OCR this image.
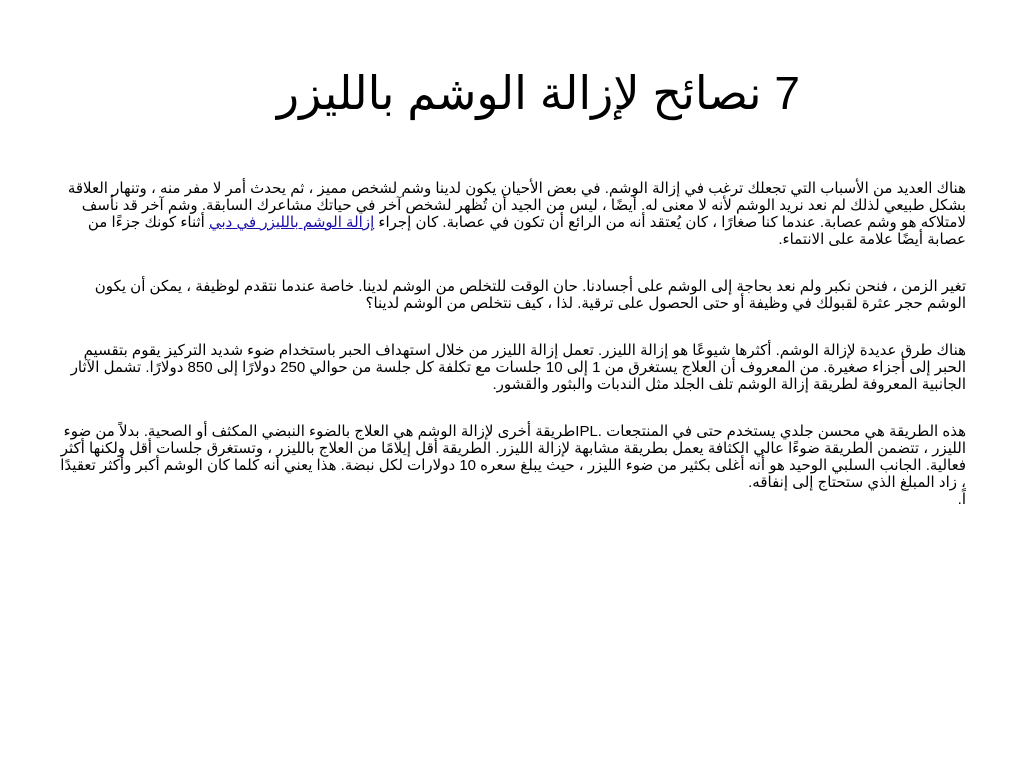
7 نصائح لإزالة الوشم بالليزر

هناك العديد من الأسباب التي تجعلك ترغب في إزالة الوشم. في بعض الأحيان يكون لدينا وشم لشخص مميز ، ثم يحدث أمر لا مفر منه ، وتنهار العلاقة بشكل طبيعي لذلك لم نعد نريد الوشم لأنه لا معنى له. أيضًا ، ليس من الجيد أن تُظهر لشخص آخر في حياتك مشاعرك السابقة. وشم آخر قد نأسف لامتلاكه هو وشم عصابة. عندما كنا صغارًا ، كان يُعتقد أنه من الرائع أن تكون في عصابة. كان إجراء إزالة الوشم بالليزر في دبي أثناء كونك جزءًا من عصابة أيضًا علامة على الانتماء.

تغير الزمن ، فنحن نكبر ولم نعد بحاجة إلى الوشم على أجسادنا. حان الوقت للتخلص من الوشم لدينا. خاصة عندما نتقدم لوظيفة ، يمكن أن يكون الوشم حجر عثرة لقبولك في وظيفة أو حتى الحصول على ترقية. لذا ، كيف نتخلص من الوشم لدينا؟

هناك طرق عديدة لإزالة الوشم. أكثرها شيوعًا هو إزالة الليزر. تعمل إزالة الليزر من خلال استهداف الحبر باستخدام ضوء شديد التركيز يقوم بتقسيم الحبر إلى أجزاء صغيرة. من المعروف أن العلاج يستغرق من 1 إلى 10 جلسات مع تكلفة كل جلسة من حوالي 250 دولارًا إلى 850 دولارًا. تشمل الآثار الجانبية المعروفة لطريقة إزالة الوشم تلف الجلد مثل الندبات والبثور والقشور.

هذه الطريقة هي محسن جلدي يستخدم حتى في المنتجعات .IPLطريقة أخرى لإزالة الوشم هي العلاج بالضوء النبضي المكثف أو الصحية. بدلاً من ضوء الليزر ، تتضمن الطريقة ضوءًا عالي الكثافة يعمل بطريقة مشابهة لإزالة الليزر. الطريقة أقل إيلامًا من العلاج بالليزر ، وتستغرق جلسات أقل ولكنها أكثر فعالية. الجانب السلبي الوحيد هو أنه أغلى بكثير من ضوء الليزر ، حيث يبلغ سعره 10 دولارات لكل نبضة. هذا يعني أنه كلما كان الوشم أكبر وأكثر تعقيدًا ، زاد المبلغ الذي ستحتاج إلى إنفاقه.

اً.
